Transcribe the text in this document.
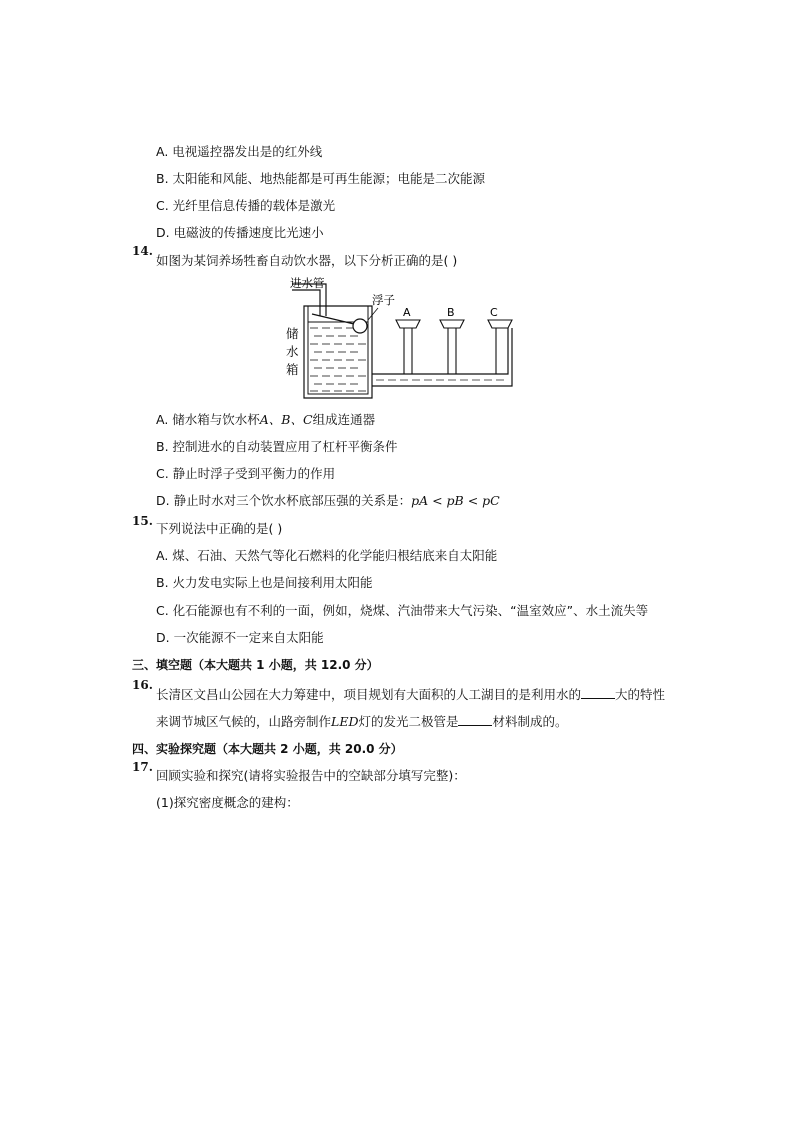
A. 电视遥控器发出是的红外线
B. 太阳能和风能、地热能都是可再生能源；电能是二次能源
C. 光纤里信息传播的载体是激光
D. 电磁波的传播速度比光速小
14.
如图为某饲养场牲畜自动饮水器，以下分析正确的是( )
进水管
浮子
储
水
箱
A	B	C
A. 储水箱与饮水杯A、B、C组成连通器
B. 控制进水的自动装置应用了杠杆平衡条件
C. 静止时浮子受到平衡力的作用
D. 静止时水对三个饮水杯底部压强的关系是：pA < pB < pC
15. 下列说法中正确的是( )
A. 煤、石油、天然气等化石燃料的化学能归根结底来自太阳能
B. 火力发电实际上也是间接利用太阳能
C. 化石能源也有不利的一面，例如，烧煤、汽油带来大气污染、“温室效应”、水土流失等
D. 一次能源不一定来自太阳能
三、填空题（本大题共 1 小题，共 12.0 分）
16.
长清区文昌山公园在大力筹建中，项目规划有大面积的人工湖目的是利用水的	大的特性
来调节城区气候的，山路旁制作LED灯的发光二极管是	材料制成的。
四、实验探究题（本大题共 2 小题，共 20.0 分）
17.
回顾实验和探究(请将实验报告中的空缺部分填写完整)：
(1)探究密度概念的建构：
